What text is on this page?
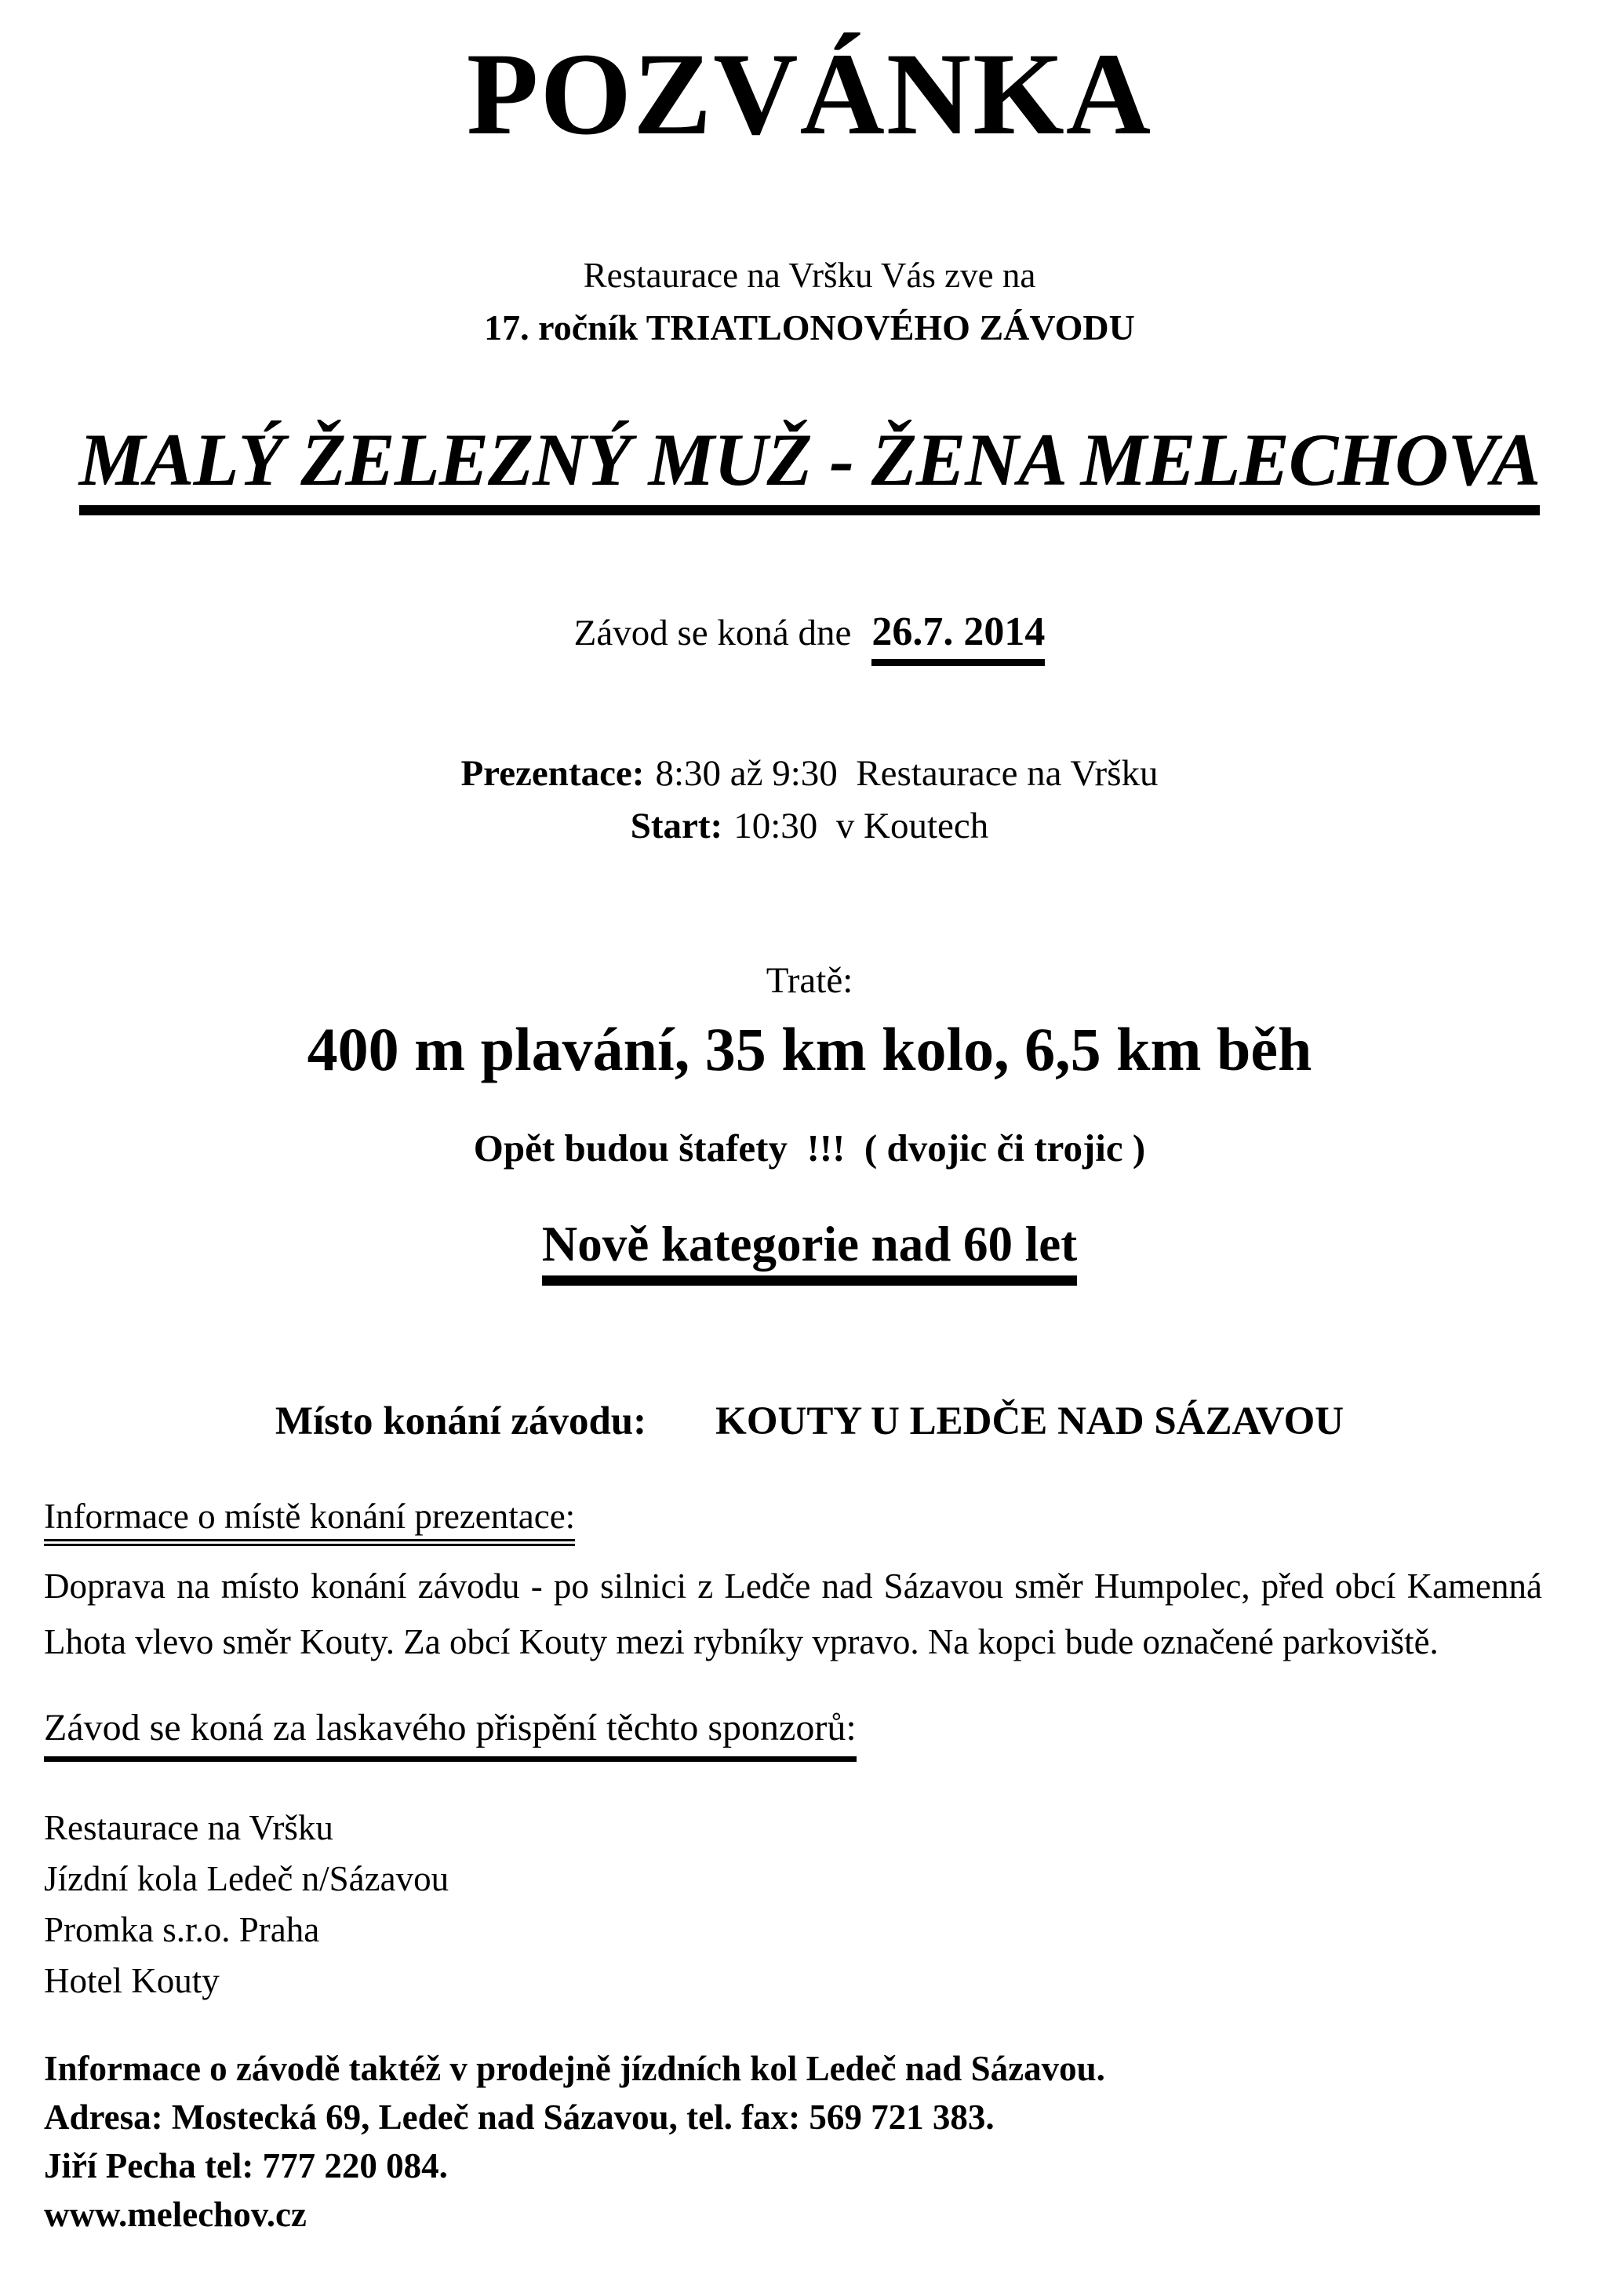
POZVÁNKA
Restaurace na Vršku Vás zve na
17. ročník TRIATLONOVÉHO ZÁVODU
MALÝ ŽELEZNÝ MUŽ - ŽENA MELECHOVA
Závod se koná dne 26.7. 2014
Prezentace: 8:30 až 9:30  Restaurace na Vršku
Start: 10:30  v Koutech
Tratě:
400 m plavání, 35 km kolo, 6,5 km běh
Opět budou štafety  !!!  ( dvojic či trojic )
Nově kategorie nad 60 let
Místo konání závodu: KOUTY U LEDČE NAD SÁZAVOU
Informace o místě konání prezentace:
Doprava na místo konání závodu - po silnici z Ledče nad Sázavou směr Humpolec, před obcí Kamenná Lhota vlevo směr Kouty. Za obcí Kouty mezi rybníky vpravo. Na kopci bude označené parkoviště.
Závod se koná za laskavého přispění těchto sponzorů:
Restaurace na Vršku
Jízdní kola Ledeč n/Sázavou
Promka s.r.o. Praha
Hotel Kouty
Informace o závodě taktéž v prodejně jízdních kol Ledeč nad Sázavou.
Adresa: Mostecká 69, Ledeč nad Sázavou, tel. fax: 569 721 383.
Jiří Pecha tel: 777 220 084.
www.melechov.cz
